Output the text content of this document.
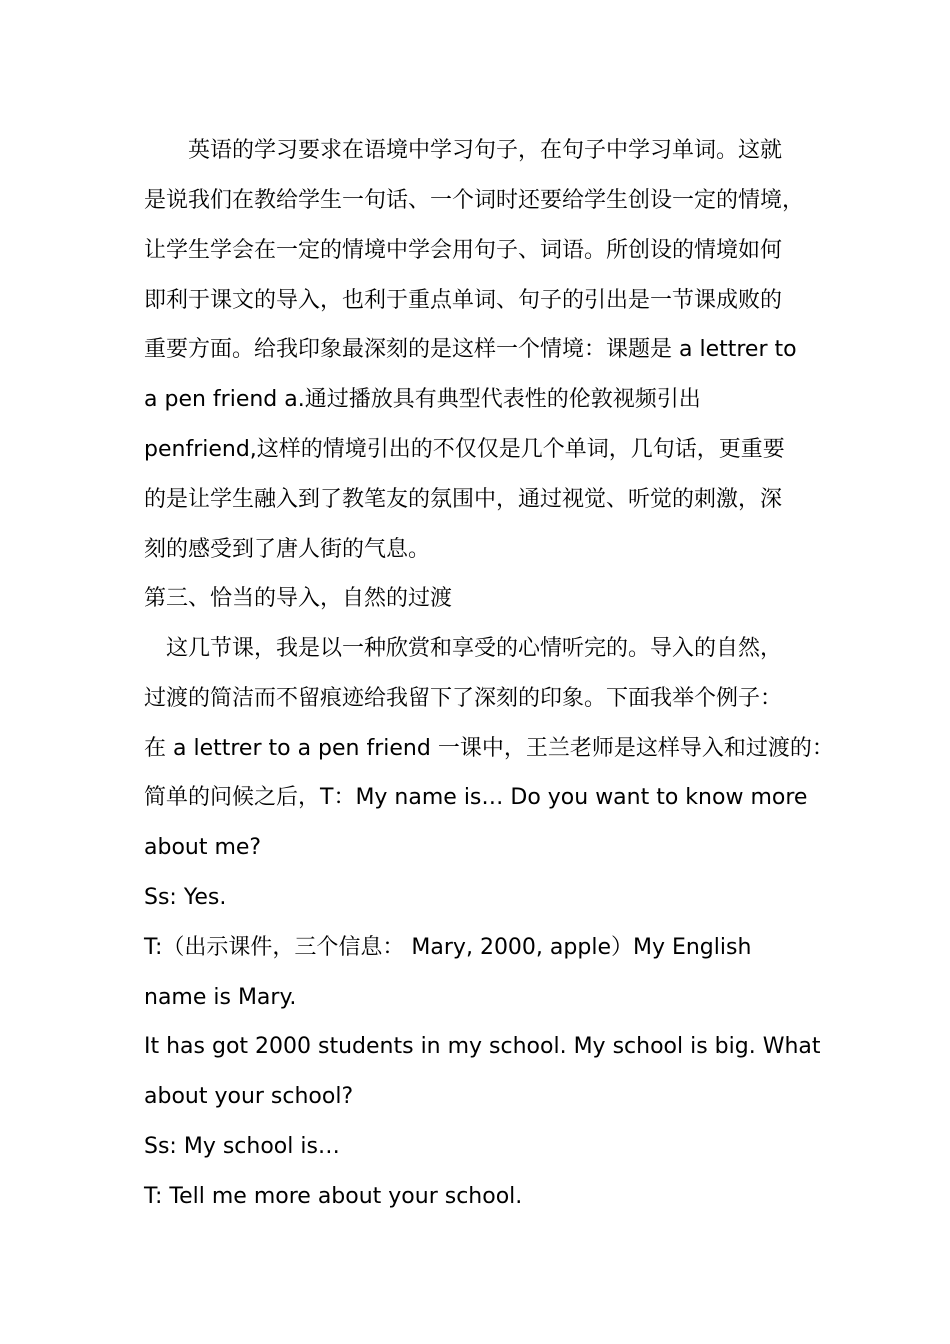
　　英语的学习要求在语境中学习句子，在句子中学习单词。这就
是说我们在教给学生一句话、一个词时还要给学生创设一定的情境，
让学生学会在一定的情境中学会用句子、词语。所创设的情境如何
即利于课文的导入，也利于重点单词、句子的引出是一节课成败的
重要方面。给我印象最深刻的是这样一个情境：课题是 a lettrer to
a pen friend a.通过播放具有典型代表性的伦敦视频引出
penfriend,这样的情境引出的不仅仅是几个单词，几句话，更重要
的是让学生融入到了教笔友的氛围中，通过视觉、听觉的刺激，深
刻的感受到了唐人街的气息。
第三、恰当的导入，自然的过渡
　这几节课，我是以一种欣赏和享受的心情听完的。导入的自然，
过渡的简洁而不留痕迹给我留下了深刻的印象。下面我举个例子：
在 a lettrer to a pen friend 一课中，王兰老师是这样导入和过渡的：
简单的问候之后，T：My name is… Do you want to know more
about me?
Ss: Yes.
T:（出示课件，三个信息： Mary, 2000, apple）My English
name is Mary.
It has got 2000 students in my school. My school is big. What
about your school?
Ss: My school is…
T: Tell me more about your school.
